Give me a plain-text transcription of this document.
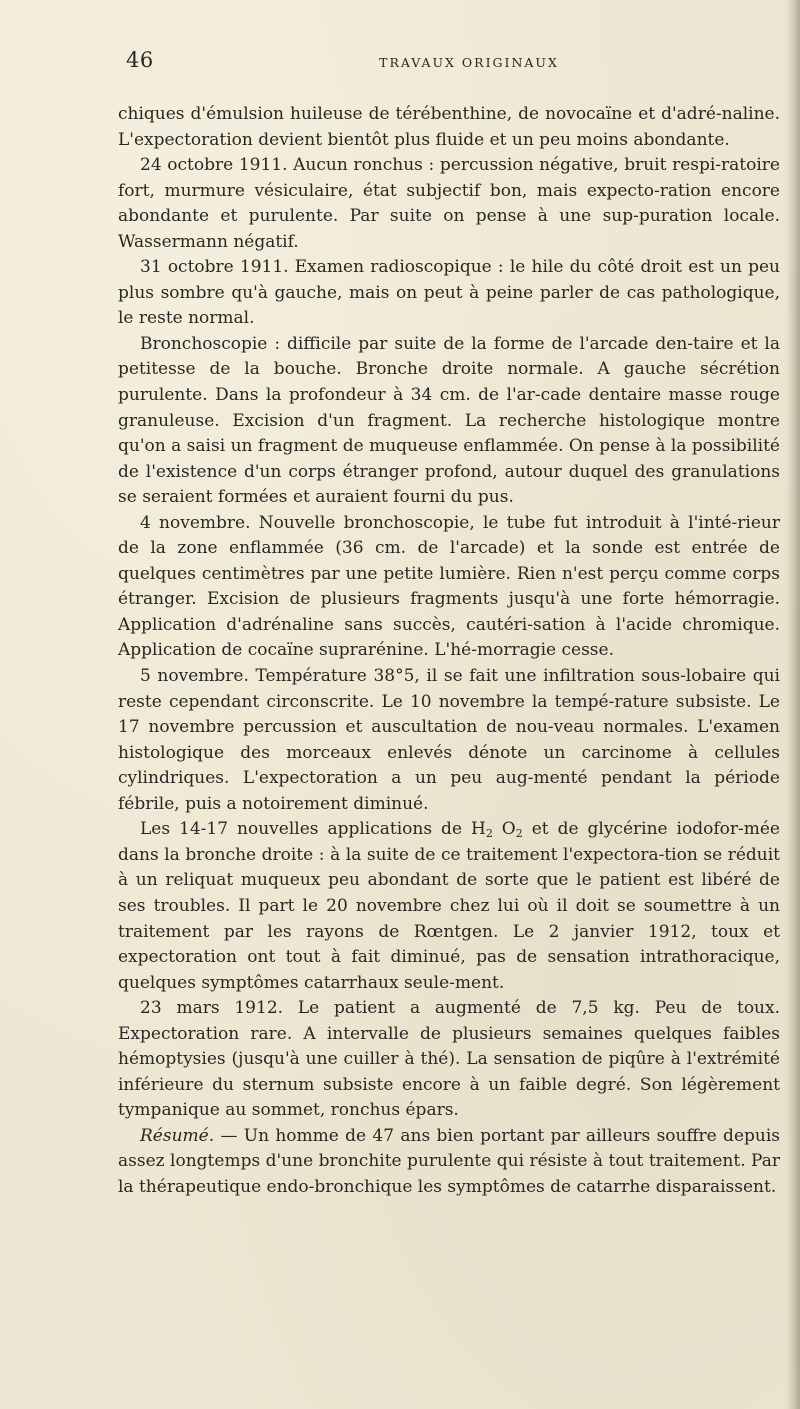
46	TRAVAUX ORIGINAUX

chiques d'émulsion huileuse de térébenthine, de novocaïne et d'adré-naline. L'expectoration devient bientôt plus fluide et un peu moins abondante.

24 octobre 1911. Aucun ronchus : percussion négative, bruit respi-ratoire fort, murmure vésiculaire, état subjectif bon, mais expecto-ration encore abondante et purulente. Par suite on pense à une sup-puration locale. Wassermann négatif.

31 octobre 1911. Examen radioscopique : le hile du côté droit est un peu plus sombre qu'à gauche, mais on peut à peine parler de cas pathologique, le reste normal.

Bronchoscopie : difficile par suite de la forme de l'arcade den-taire et la petitesse de la bouche. Bronche droite normale. A gauche sécrétion purulente. Dans la profondeur à 34 cm. de l'ar-cade dentaire masse rouge granuleuse. Excision d'un fragment. La recherche histologique montre qu'on a saisi un fragment de muqueuse enflammée. On pense à la possibilité de l'existence d'un corps étranger profond, autour duquel des granulations se seraient formées et auraient fourni du pus.

4 novembre. Nouvelle bronchoscopie, le tube fut introduit à l'inté-rieur de la zone enflammée (36 cm. de l'arcade) et la sonde est entrée de quelques centimètres par une petite lumière. Rien n'est perçu comme corps étranger. Excision de plusieurs fragments jusqu'à une forte hémorragie. Application d'adrénaline sans succès, cautéri-sation à l'acide chromique. Application de cocaïne suprarénine. L'hé-morragie cesse.

5 novembre. Température 38°5, il se fait une infiltration sous-lobaire qui reste cependant circonscrite. Le 10 novembre la tempé-rature subsiste. Le 17 novembre percussion et auscultation de nou-veau normales. L'examen histologique des morceaux enlevés dénote un carcinome à cellules cylindriques. L'expectoration a un peu aug-menté pendant la période fébrile, puis a notoirement diminué.

Les 14-17 nouvelles applications de $H_2$ $O_2$ et de glycérine iodofor-mée dans la bronche droite : à la suite de ce traitement l'expectora-tion se réduit à un reliquat muqueux peu abondant de sorte que le patient est libéré de ses troubles. Il part le 20 novembre chez lui où il doit se soumettre à un traitement par les rayons de Rœntgen. Le 2 janvier 1912, toux et expectoration ont tout à fait diminué, pas de sensation intrathoracique, quelques symptômes catarrhaux seule-ment.

23 mars 1912. Le patient a augmenté de 7,5 kg. Peu de toux. Expectoration rare. A intervalle de plusieurs semaines quelques faibles hémoptysies (jusqu'à une cuiller à thé). La sensation de piqûre à l'extrémité inférieure du sternum subsiste encore à un faible degré. Son légèrement tympanique au sommet, ronchus épars.

Résumé. — Un homme de 47 ans bien portant par ailleurs souffre depuis assez longtemps d'une bronchite purulente qui résiste à tout traitement. Par la thérapeutique endo-bronchique les symptômes de catarrhe disparaissent.
